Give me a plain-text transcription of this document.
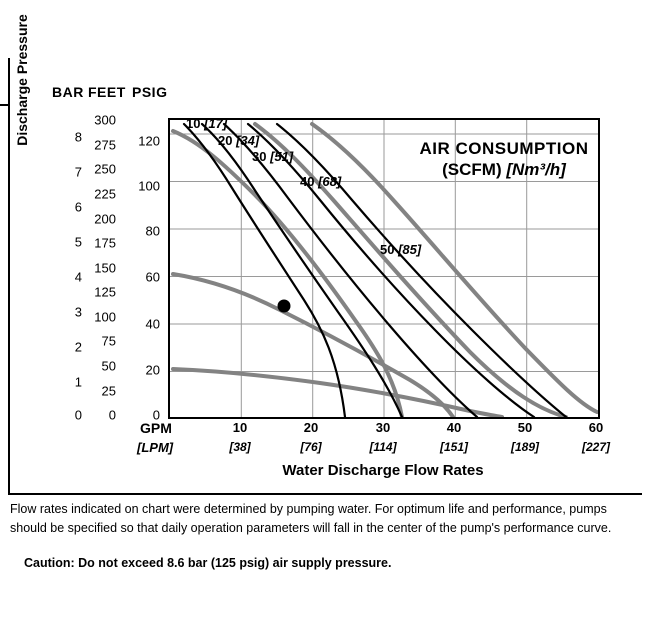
BAR FEET PSIG
Discharge Pressure	8
7
6
5
4
3
2
1
0
300
275
250
225
200
175
150
125
100
75
50
25
0
120
100
80
60
40
20
0
10 [17]
20 [34]
30 [51]
40 [68]
50 [85]
AIR CONSUMPTION
(SCFM) [Nm³/h]
GPM
[LPM]
10
[38]
20
[76]
30
[114]
40
[151]
50
[189]
60
[227]
Water Discharge Flow Rates
Flow rates indicated on chart were determined by pumping water. For optimum life and performance, pumps should be specified so that daily operation parameters will fall in the center of the pump's performance curve.
Caution: Do not exceed 8.6 bar (125 psig) air supply pressure.
